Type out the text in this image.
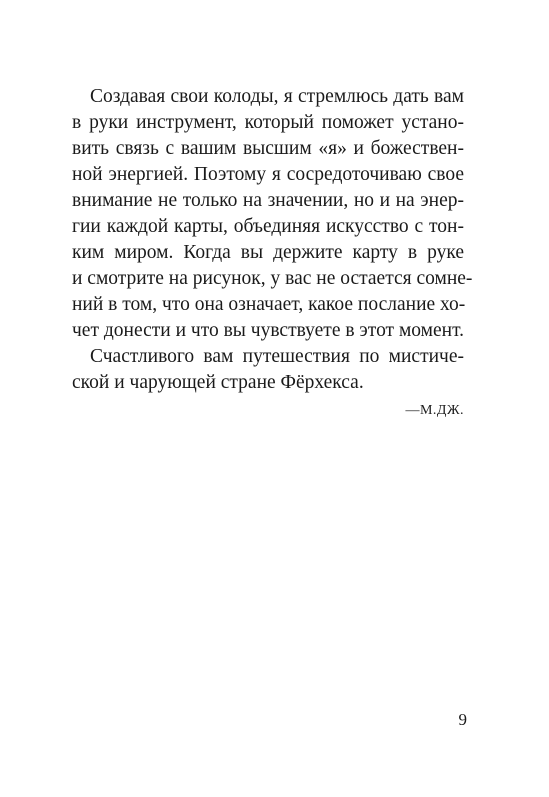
Создавая свои колоды, я стремлюсь дать вам
в руки инструмент, который поможет устано-
вить связь с вашим высшим «я» и божествен-
ной энергией. Поэтому я сосредоточиваю свое
внимание не только на значении, но и на энер-
гии каждой карты, объединяя искусство с тон-
ким миром. Когда вы держите карту в руке
и смотрите на рисунок, у вас не остается сомне-
ний в том, что она означает, какое послание хо-
чет донести и что вы чувствуете в этот момент.
Счастливого вам путешествия по мистиче-
ской и чарующей стране Фёрхекса.
—М.ДЖ.
9
